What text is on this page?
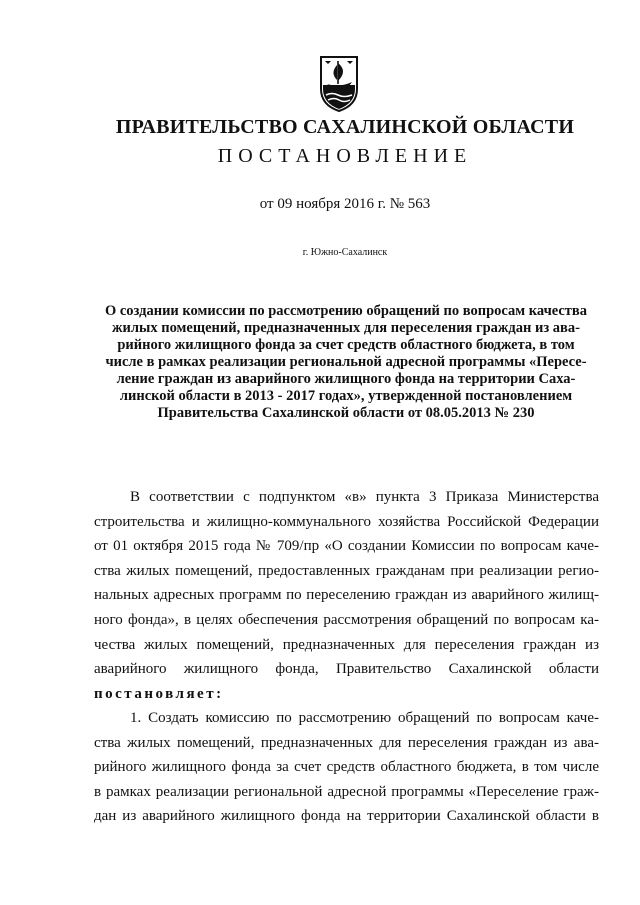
ПРАВИТЕЛЬСТВО САХАЛИНСКОЙ ОБЛАСТИ
ПОСТАНОВЛЕНИЕ
от 09 ноября 2016 г. № 563
г. Южно-Сахалинск
О создании комиссии по рассмотрению обращений по вопросам качества
жилых помещений, предназначенных для переселения граждан из ава-
рийного жилищного фонда за счет средств областного бюджета, в том
числе в рамках реализации региональной адресной программы «Пересе-
ление граждан из аварийного жилищного фонда на территории Саха-
линской области в 2013 - 2017 годах», утвержденной постановлением
Правительства Сахалинской области от 08.05.2013 № 230
В соответствии с подпунктом «в» пункта 3 Приказа Министерства
строительства и жилищно-коммунального хозяйства Российской Федерации
от 01 октября 2015 года № 709/пр «О создании Комиссии по вопросам каче-
ства жилых помещений, предоставленных гражданам при реализации регио-
нальных адресных программ по переселению граждан из аварийного жилищ-
ного фонда», в целях обеспечения рассмотрения обращений по вопросам ка-
чества жилых помещений, предназначенных для переселения граждан из
аварийного жилищного фонда, Правительство Сахалинской области
постановляет:
1. Создать комиссию по рассмотрению обращений по вопросам каче-
ства жилых помещений, предназначенных для переселения граждан из ава-
рийного жилищного фонда за счет средств областного бюджета, в том числе
в рамках реализации региональной адресной программы «Переселение граж-
дан из аварийного жилищного фонда на территории Сахалинской области в
